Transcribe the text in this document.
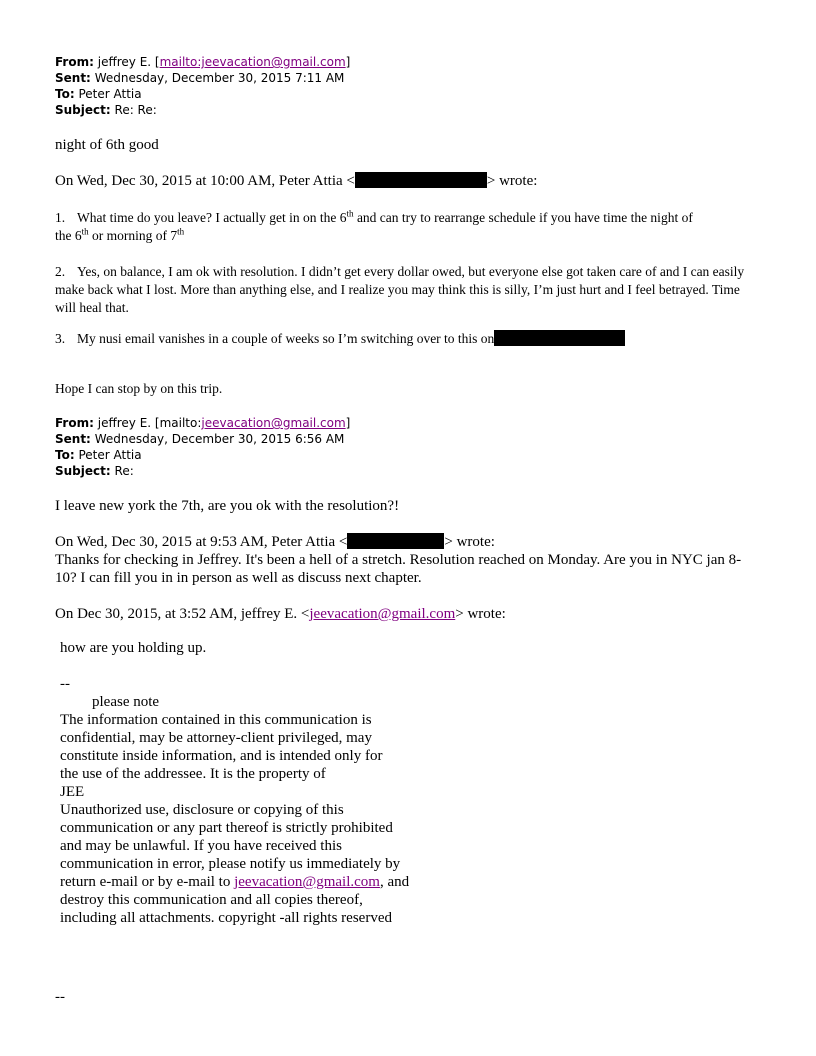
From: jeffrey E. [mailto:jeevacation@gmail.com]
Sent: Wednesday, December 30, 2015 7:11 AM
To: Peter Attia
Subject: Re: Re:
night of 6th good
On Wed, Dec 30, 2015 at 10:00 AM, Peter Attia <	> wrote:
1. What time do you leave? I actually get in on the 6th and can try to rearrange schedule if you have time the night of
the 6th or morning of 7th
2. Yes, on balance, I am ok with resolution. I didn’t get every dollar owed, but everyone else got taken care of and I can easily make back what I lost. More than anything else, and I realize you may think this is silly, I’m just hurt and I feel betrayed. Time will heal that.
3. My nusi email vanishes in a couple of weeks so I’m switching over to this on
Hope I can stop by on this trip.
From: jeffrey E. [mailto:jeevacation@gmail.com]
Sent: Wednesday, December 30, 2015 6:56 AM
To: Peter Attia
Subject: Re:
I leave new york the 7th, are you ok with the resolution?!
On Wed, Dec 30, 2015 at 9:53 AM, Peter Attia <	> wrote:
Thanks for checking in Jeffrey. It's been a hell of a stretch. Resolution reached on Monday. Are you in NYC jan 8-10? I can fill you in in person as well as discuss next chapter.
On Dec 30, 2015, at 3:52 AM, jeffrey E. <jeevacation@gmail.com> wrote:
how are you holding up.
--
please note
The information contained in this communication is
confidential, may be attorney-client privileged, may
constitute inside information, and is intended only for
the use of the addressee. It is the property of
JEE
Unauthorized use, disclosure or copying of this
communication or any part thereof is strictly prohibited
and may be unlawful. If you have received this
communication in error, please notify us immediately by
return e-mail or by e-mail to jeevacation@gmail.com, and
destroy this communication and all copies thereof,
including all attachments. copyright -all rights reserved
--
